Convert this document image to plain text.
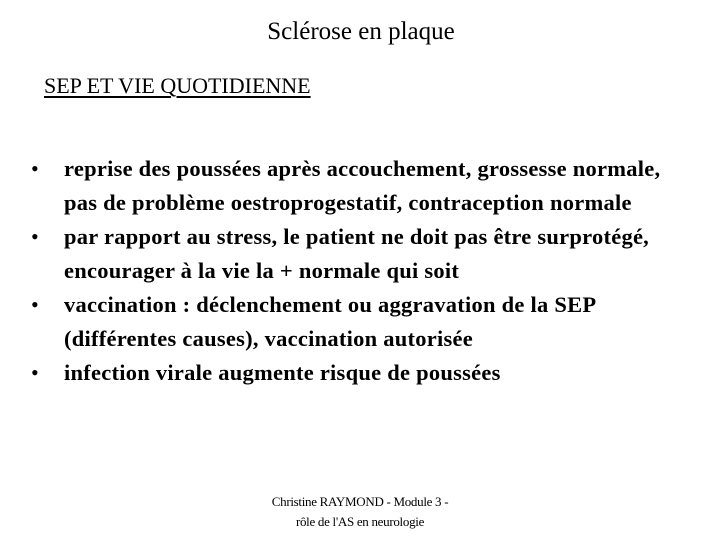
Sclérose en plaque
SEP ET VIE QUOTIDIENNE
•	reprise des poussées après accouchement, grossesse normale, pas de problème oestroprogestatif, contraception normale
•	par rapport au stress, le patient ne doit pas être surprotégé, encourager à la vie la + normale qui soit
•	vaccination : déclenchement ou aggravation de la SEP (différentes causes), vaccination autorisée
•	infection virale augmente risque de poussées
Christine RAYMOND - Module 3 -
rôle de l'AS en neurologie
